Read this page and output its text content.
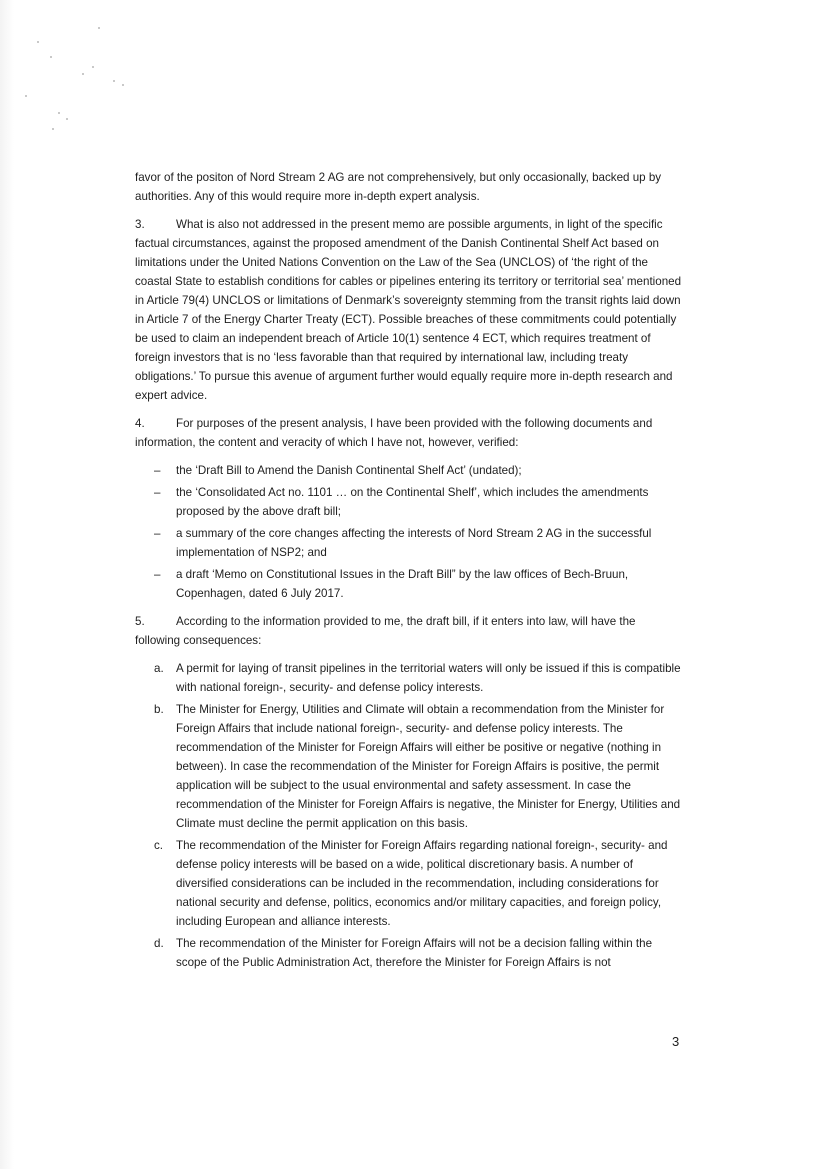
favor of the positon of Nord Stream 2 AG are not comprehensively, but only occasionally, backed up by authorities. Any of this would require more in-depth expert analysis.

3.	What is also not addressed in the present memo are possible arguments, in light of the specific factual circumstances, against the proposed amendment of the Danish Continental Shelf Act based on limitations under the United Nations Convention on the Law of the Sea (UNCLOS) of ‘the right of the coastal State to establish conditions for cables or pipelines entering its territory or territorial sea’ mentioned in Article 79(4) UNCLOS or limitations of Denmark’s sovereignty stemming from the transit rights laid down in Article 7 of the Energy Charter Treaty (ECT). Possible breaches of these commitments could potentially be used to claim an independent breach of Article 10(1) sentence 4 ECT, which requires treatment of foreign investors that is no ‘less favorable than that required by international law, including treaty obligations.’ To pursue this avenue of argument further would equally require more in-depth research and expert advice.

4.	For purposes of the present analysis, I have been provided with the following documents and information, the content and veracity of which I have not, however, verified:

– the ‘Draft Bill to Amend the Danish Continental Shelf Act’ (undated);
– the ‘Consolidated Act no. 1101 … on the Continental Shelf’, which includes the amendments proposed by the above draft bill;
– a summary of the core changes affecting the interests of Nord Stream 2 AG in the successful implementation of NSP2; and
– a draft ‘Memo on Constitutional Issues in the Draft Bill” by the law offices of Bech-Bruun, Copenhagen, dated 6 July 2017.

5.	According to the information provided to me, the draft bill, if it enters into law, will have the following consequences:

a. A permit for laying of transit pipelines in the territorial waters will only be issued if this is compatible with national foreign-, security- and defense policy interests.
b. The Minister for Energy, Utilities and Climate will obtain a recommendation from the Minister for Foreign Affairs that include national foreign-, security- and defense policy interests. The recommendation of the Minister for Foreign Affairs will either be positive or negative (nothing in between). In case the recommendation of the Minister for Foreign Affairs is positive, the permit application will be subject to the usual environmental and safety assessment. In case the recommendation of the Minister for Foreign Affairs is negative, the Minister for Energy, Utilities and Climate must decline the permit application on this basis.
c. The recommendation of the Minister for Foreign Affairs regarding national foreign-, security- and defense policy interests will be based on a wide, political discretionary basis. A number of diversified considerations can be included in the recommendation, including considerations for national security and defense, politics, economics and/or military capacities, and foreign policy, including European and alliance interests.
d. The recommendation of the Minister for Foreign Affairs will not be a decision falling within the scope of the Public Administration Act, therefore the Minister for Foreign Affairs is not
3
